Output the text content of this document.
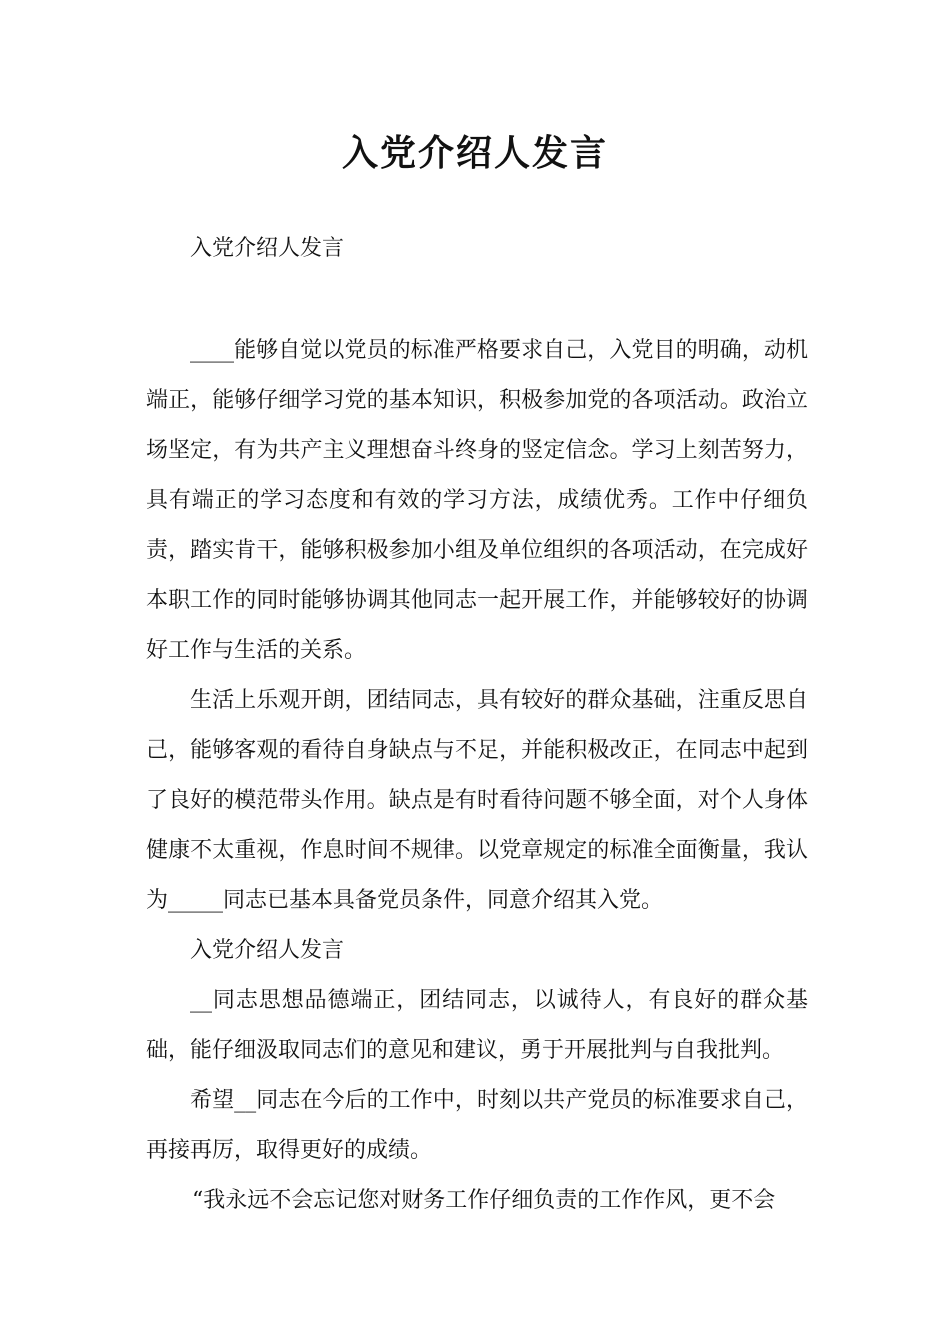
入党介绍人发言

入党介绍人发言

____能够自觉以党员的标准严格要求自己，入党目的明确，动机端正，能够仔细学习党的基本知识，积极参加党的各项活动。政治立场坚定，有为共产主义理想奋斗终身的竖定信念。学习上刻苦努力，具有端正的学习态度和有效的学习方法，成绩优秀。工作中仔细负责，踏实肯干，能够积极参加小组及单位组织的各项活动，在完成好本职工作的同时能够协调其他同志一起开展工作，并能够较好的协调好工作与生活的关系。

生活上乐观开朗，团结同志，具有较好的群众基础，注重反思自己，能够客观的看待自身缺点与不足，并能积极改正，在同志中起到了良好的模范带头作用。缺点是有时看待问题不够全面，对个人身体健康不太重视，作息时间不规律。以党章规定的标准全面衡量，我认为_____同志已基本具备党员条件，同意介绍其入党。

入党介绍人发言

__同志思想品德端正，团结同志，以诚待人，有良好的群众基础，能仔细汲取同志们的意见和建议，勇于开展批判与自我批判。

希望__同志在今后的工作中，时刻以共产党员的标准要求自己，再接再厉，取得更好的成绩。

“我永远不会忘记您对财务工作仔细负责的工作作风，更不会
